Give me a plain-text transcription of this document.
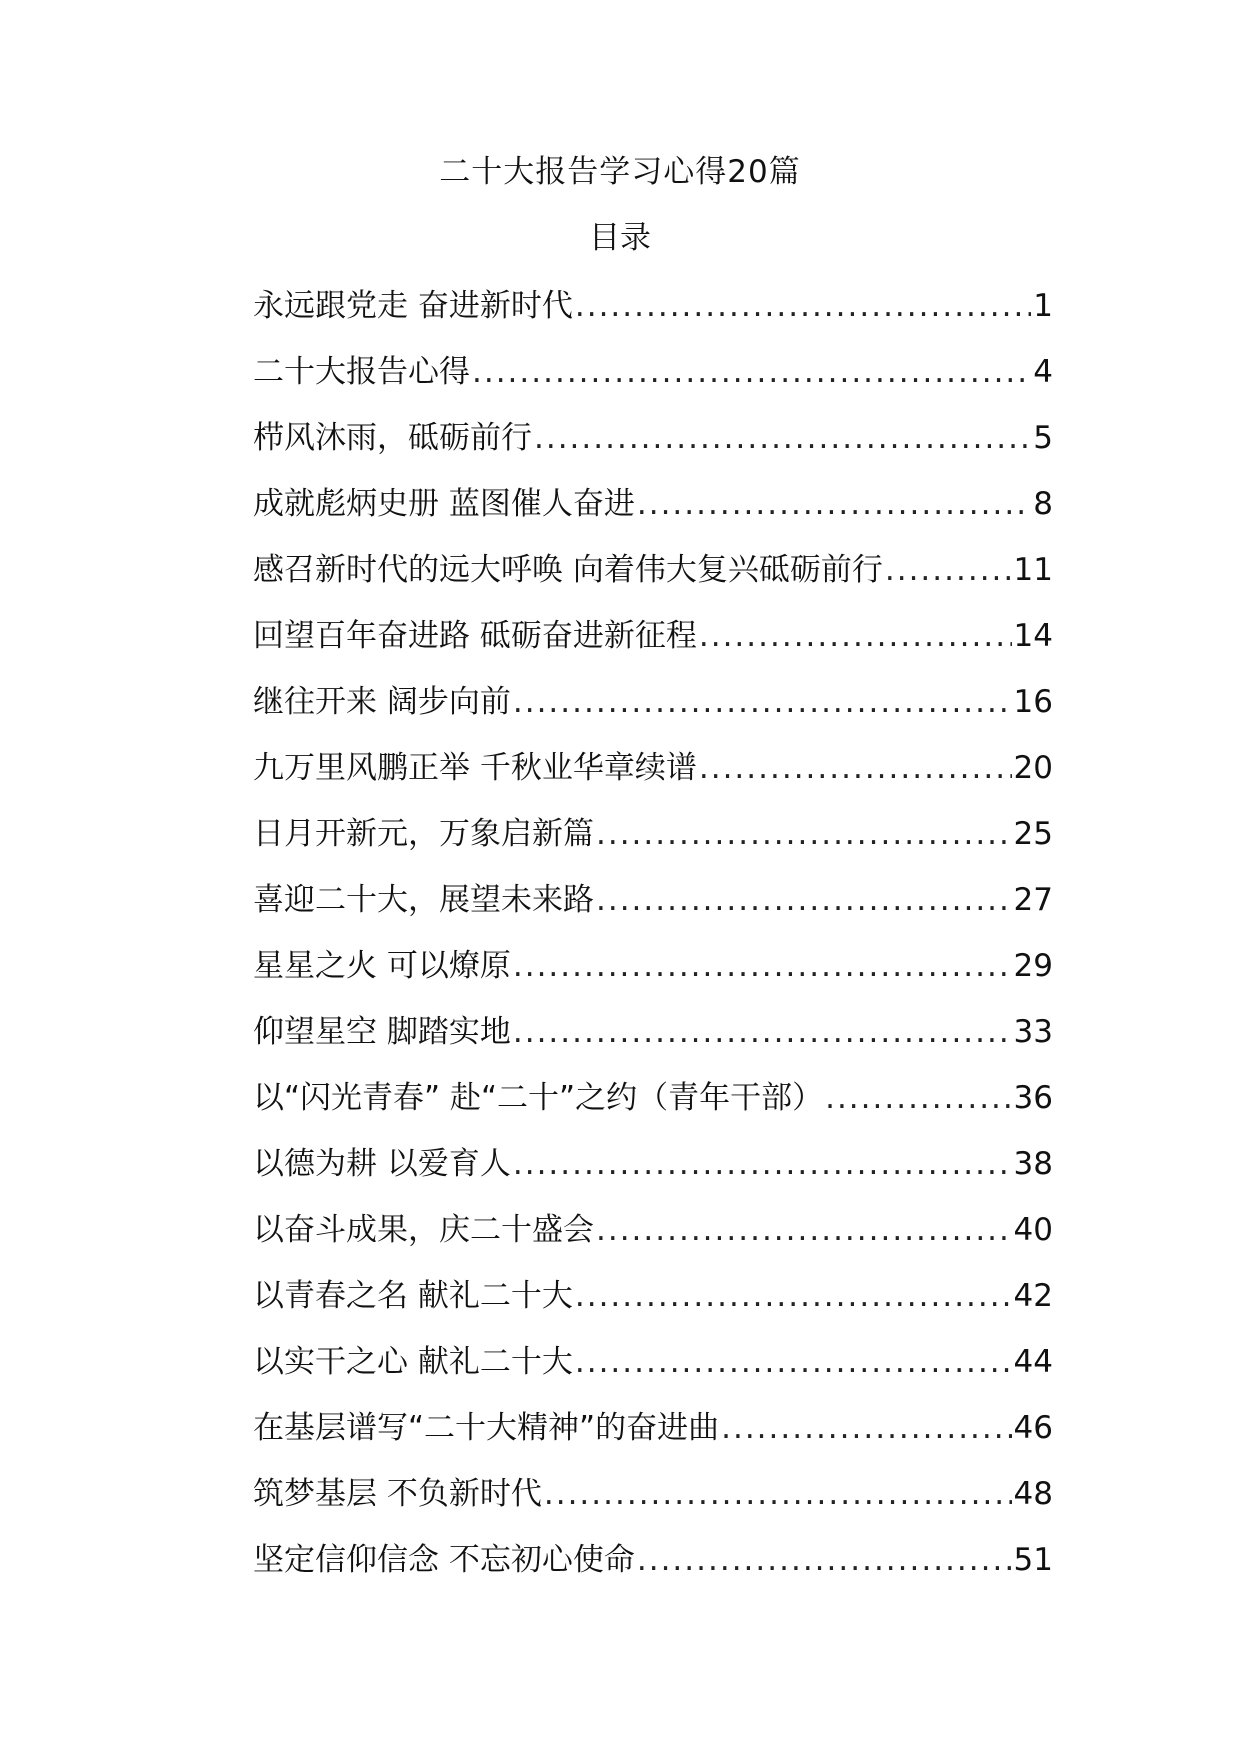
二十大报告学习心得20篇
目录
永远跟党走 奋进新时代 .....	1
二十大报告心得 .....	4
栉风沐雨，砥砺前行 .....	5
成就彪炳史册 蓝图催人奋进 .....	8
感召新时代的远大呼唤 向着伟大复兴砥砺前行 .....	11
回望百年奋进路 砥砺奋进新征程 .....	14
继往开来 阔步向前 .....	16
九万里风鹏正举 千秋业华章续谱 .....	20
日月开新元，万象启新篇 .....	25
喜迎二十大，展望未来路 .....	27
星星之火 可以燎原 .....	29
仰望星空 脚踏实地 .....	33
以“闪光青春” 赴“二十”之约（青年干部） .....	36
以德为耕 以爱育人 .....	38
以奋斗成果，庆二十盛会 .....	40
以青春之名 献礼二十大 .....	42
以实干之心 献礼二十大 .....	44
在基层谱写“二十大精神”的奋进曲 .....	46
筑梦基层 不负新时代 .....	48
坚定信仰信念 不忘初心使命 .....	51
